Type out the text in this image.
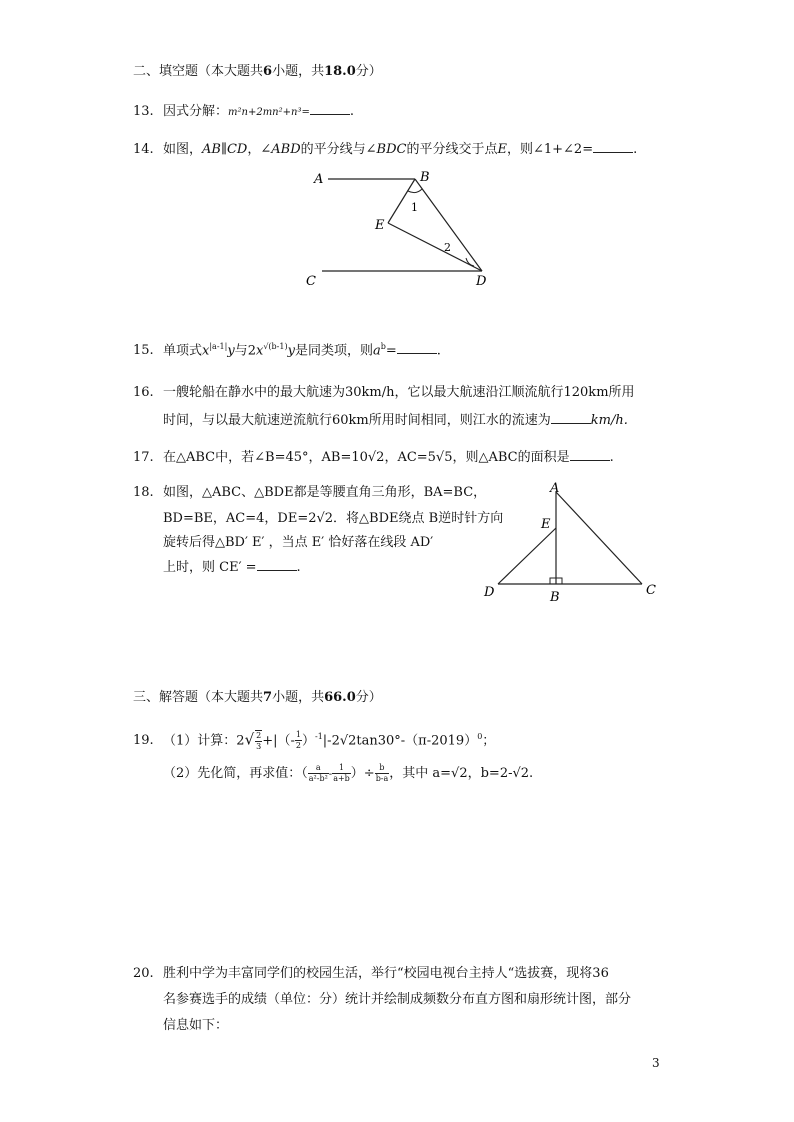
二、填空题（本大题共6小题，共18.0分）
13. 因式分解：m²n+2mn²+n³=	.
14. 如图，AB∥CD，∠ABD的平分线与∠BDC的平分线交于点E，则∠1+∠2=	.
A	B
C	D
E
1
2
15. 单项式$x^{|a-1|}y$与$2x^{√(b-1)}y$是同类项，则$a^b=$	.
16. 一艘轮船在静水中的最大航速为30km/h，它以最大航速沿江顺流航行120km所用
时间，与以最大航速逆流航行60km所用时间相同，则江水的流速为	km/h.
17. 在△ABC中，若∠B=45°，AB=10√2，AC=5√5，则△ABC的面积是	.
18. 如图，△ABC、△BDE都是等腰直角三角形，BA=BC，
BD=BE，AC=4，DE=2√2．将△BDE绕点 B逆时针方向
旋转后得△BD′ E′ ，当点 E′ 恰好落在线段 AD′
上时，则 CE′ =	.
A
E
D	B	C
三、解答题（本大题共7小题，共66.0分）
19. （1）计算：$2√ \frac{2}{3}$ +|（- $\frac{1}{2} )^{-1}|-2√2\tan 30^\circ-(\pi-2019)^0$；
（2）先化简，再求值：（ $\frac{a}{\text{a²-b²}} - \frac{1}{a+b}$ ）÷ $\frac{b}{b-a}$ ，其中 a=√2，b=2-√2.
20. 胜利中学为丰富同学们的校园生活，举行“校园电视台主持人“选拔赛，现将36
名参赛选手的成绩（单位：分）统计并绘制成频数分布直方图和扇形统计图，部分
信息如下：
3
